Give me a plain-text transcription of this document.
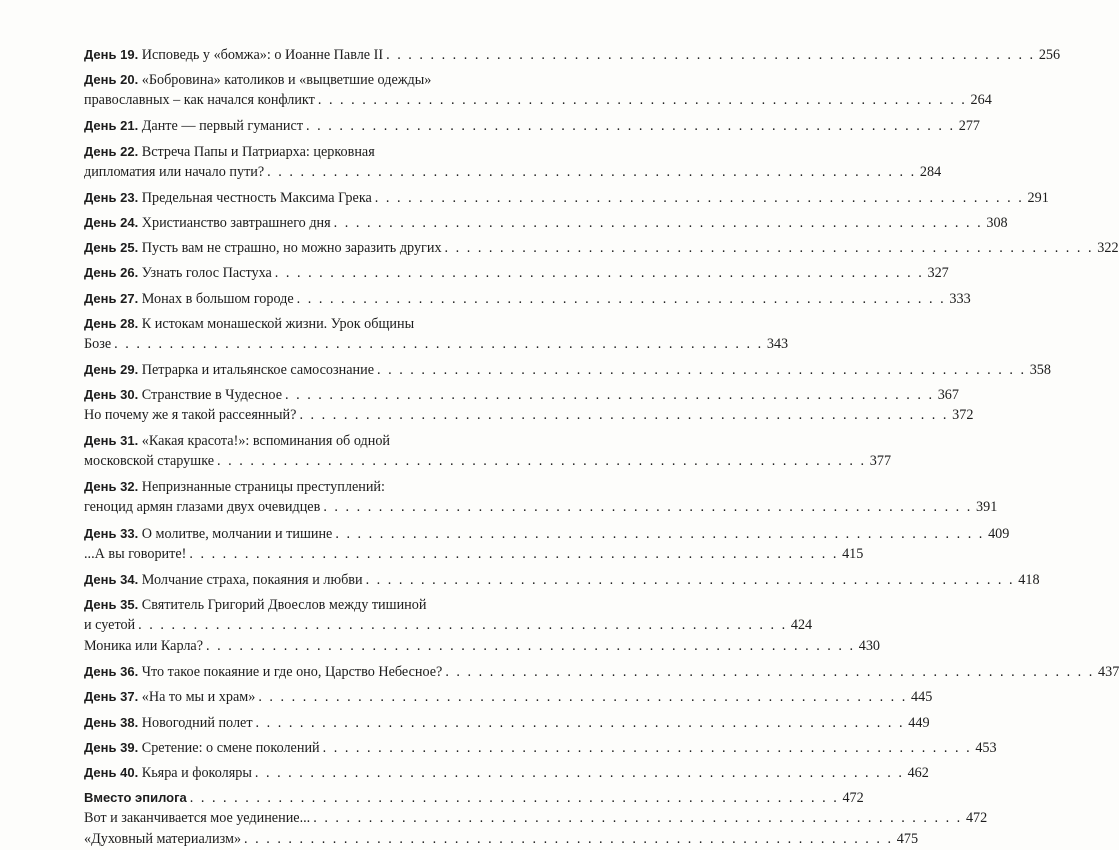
День 19. Исповедь у «бомжа»: о Иоанне Павле II . . .	256
День 20. «Бобровина» католиков и «выцветшие одежды»
православных – как начался конфликт . . .	264
День 21. Данте — первый гуманист . . .	277
День 22. Встреча Папы и Патриарха: церковная
дипломатия или начало пути? . . .	284
День 23. Предельная честность Максима Грека . . .	291
День 24. Христианство завтрашнего дня . . .	308
День 25. Пусть вам не страшно, но можно заразить других . . .	322
День 26. Узнать голос Пастуха . . .	327
День 27. Монах в большом городе . . .	333
День 28. К истокам монашеской жизни. Урок общины
Бозе . . .	343
День 29. Петрарка и итальянское самосознание . . .	358
День 30. Странствие в Чудесное . . .	367
Но почему же я такой рассеянный? . . .	372
День 31. «Какая красота!»: вспоминания об одной
московской старушке . . .	377
День 32. Непризнанные страницы преступлений:
геноцид армян глазами двух очевидцев . . .	391
День 33. О молитве, молчании и тишине . . .	409
...А вы говорите! . . .	415
День 34. Молчание страха, покаяния и любви . . .	418
День 35. Святитель Григорий Двоеслов между тишиной
и суетой . . .	424
Моника или Карла? . . .	430
День 36. Что такое покаяние и где оно, Царство Небесное? . . .	437
День 37. «На то мы и храм» . . .	445
День 38. Новогодний полет . . .	449
День 39. Сретение: о смене поколений . . .	453
День 40. Кьяра и фоколяры . . .	462
Вместо эпилога . . .	472
Вот и заканчивается мое уединение... . . .	472
«Духовный материализм» . . .	475
